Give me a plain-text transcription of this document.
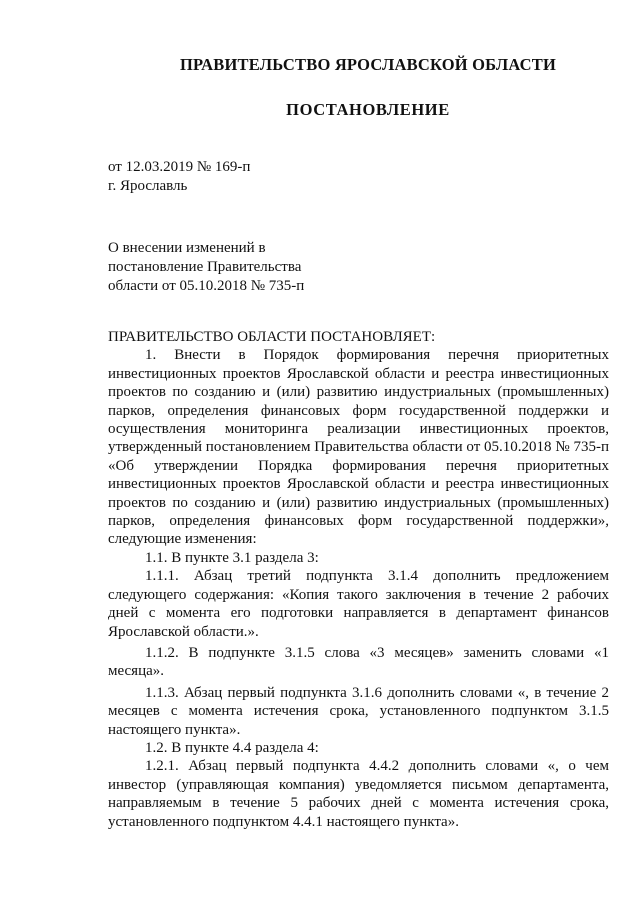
ПРАВИТЕЛЬСТВО ЯРОСЛАВСКОЙ ОБЛАСТИ
ПОСТАНОВЛЕНИЕ
от 12.03.2019 № 169-п
г. Ярославль
О внесении изменений в
постановление Правительства
области от 05.10.2018 № 735-п

ПРАВИТЕЛЬСТВО ОБЛАСТИ ПОСТАНОВЛЯЕТ:

1. Внести в Порядок формирования перечня приоритетных инвестиционных проектов Ярославской области и реестра инвестиционных проектов по созданию и (или) развитию индустриальных (промышленных) парков, определения финансовых форм государственной поддержки и осуществления мониторинга реализации инвестиционных проектов, утвержденный постановлением Правительства области от 05.10.2018 № 735-п «Об утверждении Порядка формирования перечня приоритетных инвестиционных проектов Ярославской области и реестра инвестиционных проектов по созданию и (или) развитию индустриальных (промышленных) парков, определения финансовых форм государственной поддержки», следующие изменения:

1.1. В пункте 3.1 раздела 3:

1.1.1. Абзац третий подпункта 3.1.4 дополнить предложением следующего содержания: «Копия такого заключения в течение 2 рабочих дней с момента его подготовки направляется в департамент финансов Ярославской области.».

1.1.2. В подпункте 3.1.5 слова «3 месяцев» заменить словами «1 месяца».

1.1.3. Абзац первый подпункта 3.1.6 дополнить словами «, в течение 2 месяцев с момента истечения срока, установленного подпунктом 3.1.5 настоящего пункта».

1.2. В пункте 4.4 раздела 4:

1.2.1. Абзац первый подпункта 4.4.2 дополнить словами «, о чем инвестор (управляющая компания) уведомляется письмом департамента, направляемым в течение 5 рабочих дней с момента истечения срока, установленного подпунктом 4.4.1 настоящего пункта».
